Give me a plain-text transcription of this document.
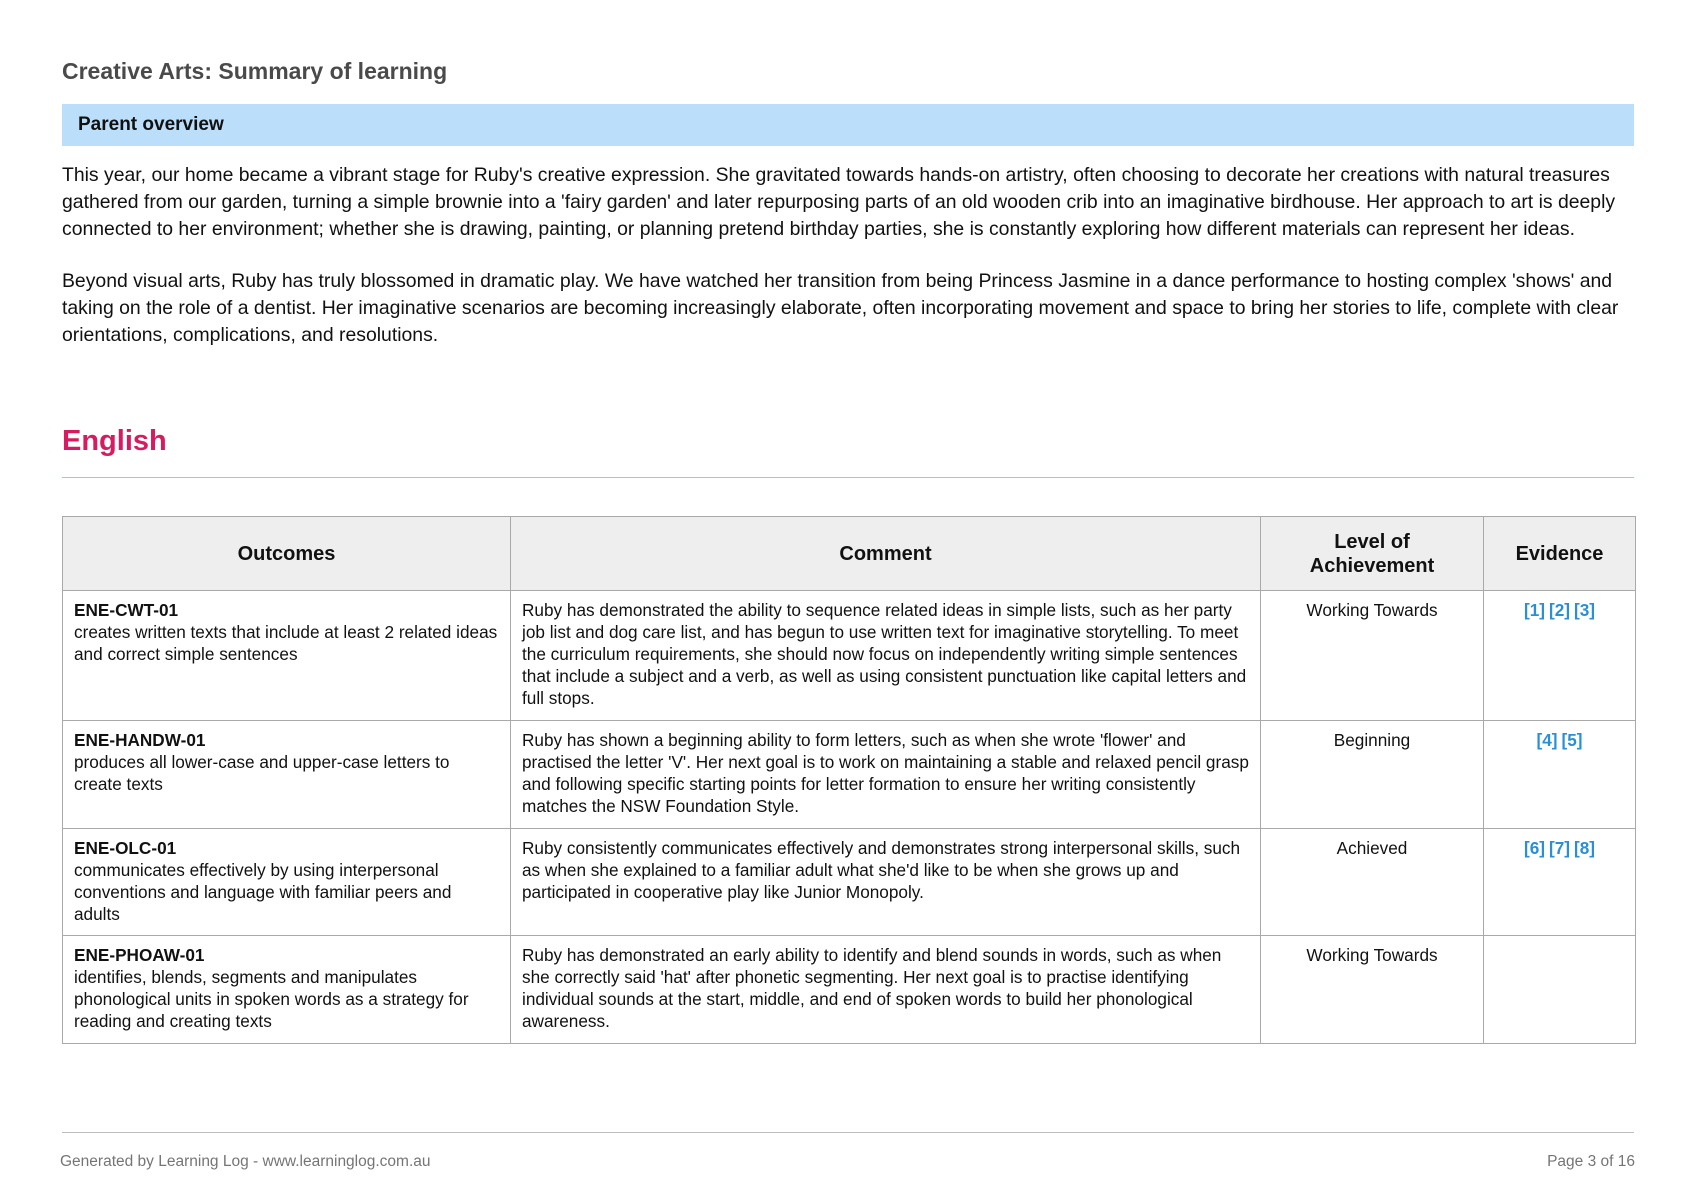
Creative Arts: Summary of learning
Parent overview

This year, our home became a vibrant stage for Ruby's creative expression. She gravitated towards hands-on artistry, often choosing to decorate her creations with natural treasures gathered from our garden, turning a simple brownie into a 'fairy garden' and later repurposing parts of an old wooden crib into an imaginative birdhouse. Her approach to art is deeply connected to her environment; whether she is drawing, painting, or planning pretend birthday parties, she is constantly exploring how different materials can represent her ideas.

Beyond visual arts, Ruby has truly blossomed in dramatic play. We have watched her transition from being Princess Jasmine in a dance performance to hosting complex 'shows' and taking on the role of a dentist. Her imaginative scenarios are becoming increasingly elaborate, often incorporating movement and space to bring her stories to life, complete with clear orientations, complications, and resolutions.

English
Outcomes	Comment	Level of Achievement	Evidence

ENE-CWT-01
creates written texts that include at least 2 related ideas and correct simple sentences	Ruby has demonstrated the ability to sequence related ideas in simple lists, such as her party job list and dog care list, and has begun to use written text for imaginative storytelling. To meet the curriculum requirements, she should now focus on independently writing simple sentences that include a subject and a verb, as well as using consistent punctuation like capital letters and full stops.	Working Towards	[1] [2] [3]

ENE-HANDW-01
produces all lower-case and upper-case letters to create texts	Ruby has shown a beginning ability to form letters, such as when she wrote 'flower' and practised the letter 'V'. Her next goal is to work on maintaining a stable and relaxed pencil grasp and following specific starting points for letter formation to ensure her writing consistently matches the NSW Foundation Style.	Beginning	[4] [5]

ENE-OLC-01
communicates effectively by using interpersonal conventions and language with familiar peers and adults	Ruby consistently communicates effectively and demonstrates strong interpersonal skills, such as when she explained to a familiar adult what she'd like to be when she grows up and participated in cooperative play like Junior Monopoly.	Achieved	[6] [7] [8]

ENE-PHOAW-01
identifies, blends, segments and manipulates phonological units in spoken words as a strategy for reading and creating texts	Ruby has demonstrated an early ability to identify and blend sounds in words, such as when she correctly said 'hat' after phonetic segmenting. Her next goal is to practise identifying individual sounds at the start, middle, and end of spoken words to build her phonological awareness.	Working Towards	
Generated by Learning Log - www.learninglog.com.au	Page 3 of 16
